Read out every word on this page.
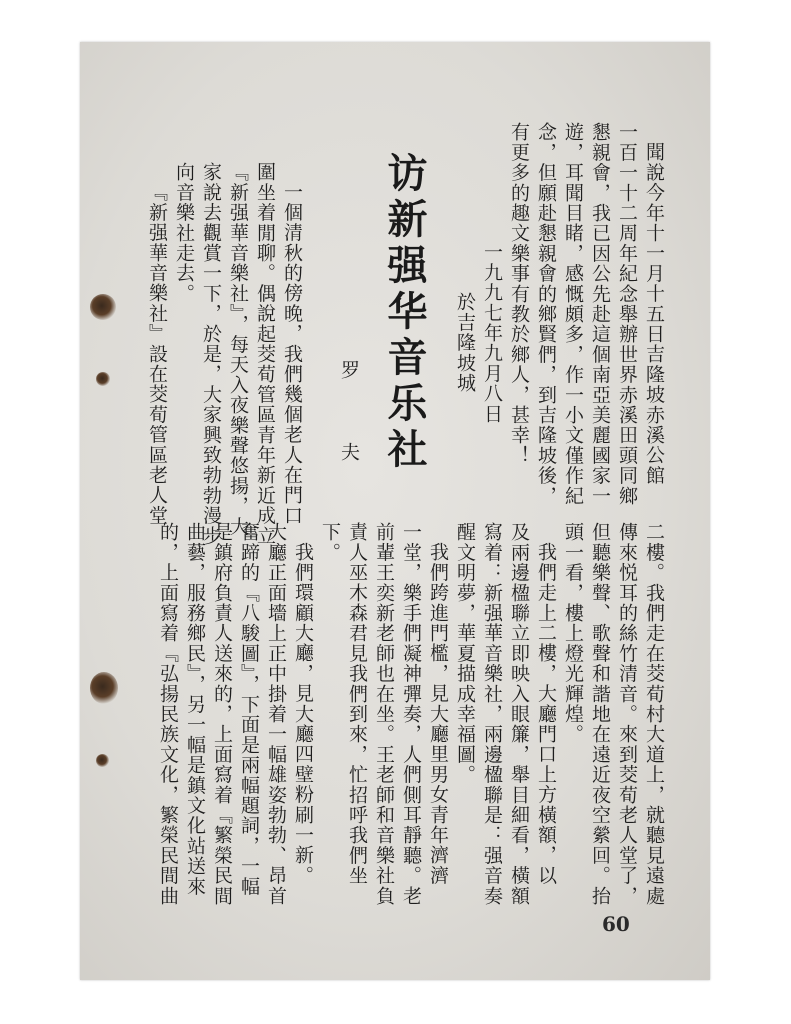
聞說今年十一月十五日吉隆坡赤溪公館
一百一十二周年紀念舉辦世界赤溪田頭同鄉
懇親會，我已因公先赴這個南亞美麗國家一
遊，耳聞目睹，感慨頗多，作一小文僅作紀
念，但願赴懇親會的鄉賢們，到吉隆坡後，
有更多的趣文樂事有教於鄉人，甚幸！
一九九七年九月八日
於吉隆坡城
访新强华音乐社
罗　夫
一個清秋的傍晚，我們幾個老人在門口
圍坐着閒聊。偶說起茭荀管區青年新近成立
『新强華音樂社』，每天入夜樂聲悠揚，大
家說去觀賞一下，於是，大家興致勃勃漫步
向音樂社走去。
『新强華音樂社』設在茭荀管區老人堂
二樓。我們走在茭荀村大道上，就聽見遠處
傳來悦耳的絲竹清音。來到茭荀老人堂了，
但聽樂聲、歌聲和諧地在遠近夜空縈回。抬
頭一看，樓上燈光輝煌。
我們走上二樓，大廳門口上方橫額，以
及兩邊楹聯立即映入眼簾，舉目細看，橫額
寫着：新强華音樂社，兩邊楹聯是：强音奏
醒文明夢，華夏描成幸福圖。
我們跨進門檻，見大廳里男女青年濟濟
一堂，樂手們凝神彈奏，人們側耳靜聽。老
前輩王奕新老師也在坐。王老師和音樂社負
責人巫木森君見我們到來，忙招呼我們坐
下。
我們環顧大廳，見大廳四壁粉刷一新。
大廳正面墻上正中掛着一幅雄姿勃勃、昂首
奮蹄的『八駿圖』，下面是兩幅題詞，一幅
是鎮府負責人送來的，上面寫着『繁榮民間
曲藝，服務鄉民』，另一幅是鎮文化站送來
的，上面寫着『弘揚民族文化，繁榮民間曲
60
